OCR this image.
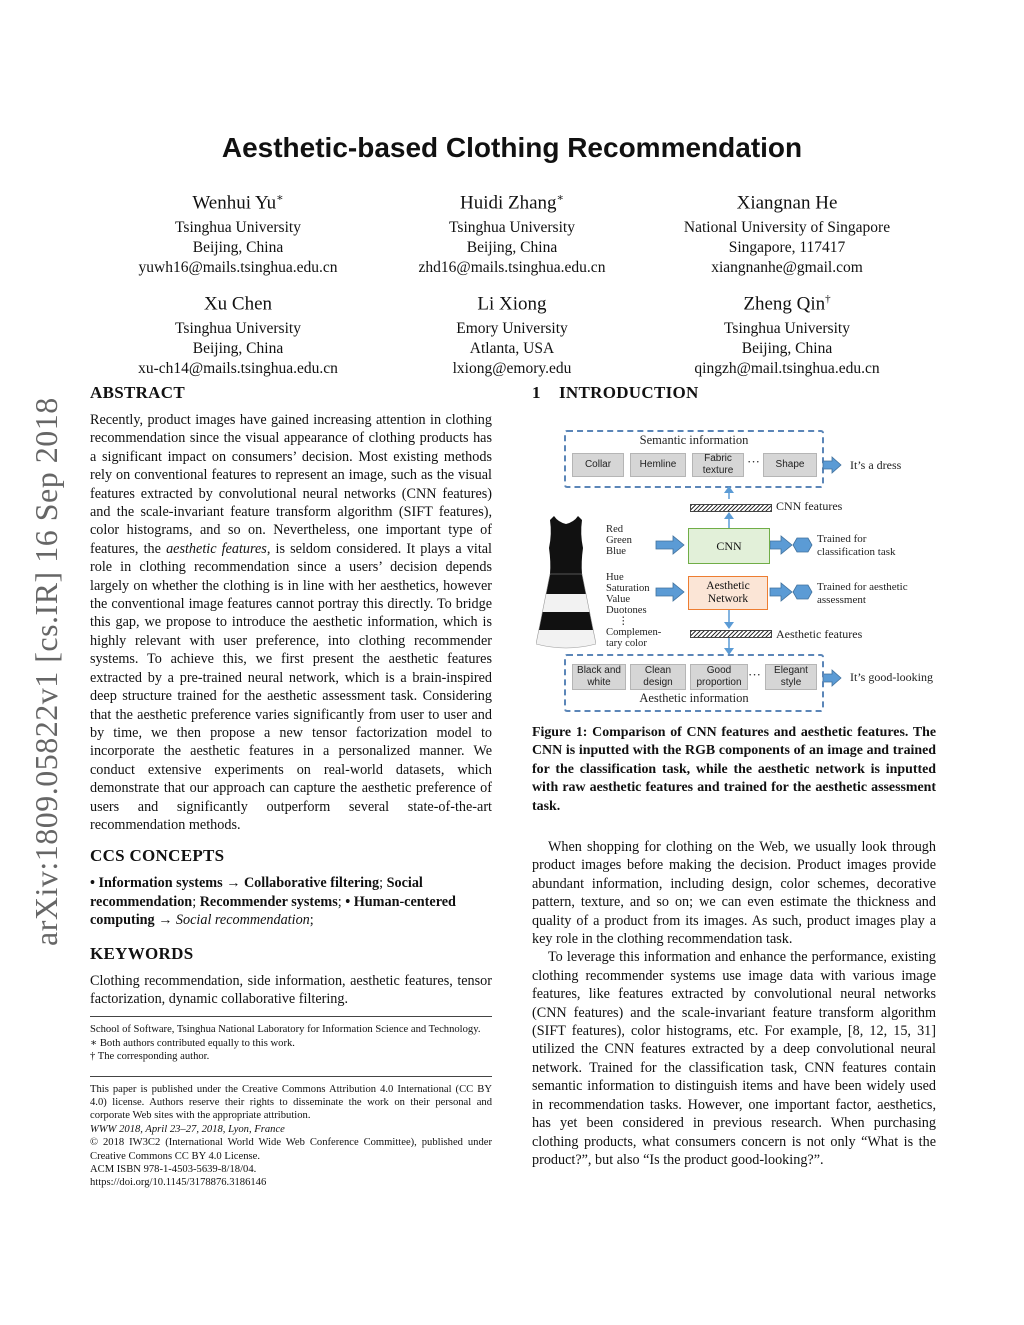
arXiv:1809.05822v1 [cs.IR] 16 Sep 2018
Aesthetic-based Clothing Recommendation
Wenhui Yu∗
Tsinghua University
Beijing, China
yuwh16@mails.tsinghua.edu.cn
Huidi Zhang∗
Tsinghua University
Beijing, China
zhd16@mails.tsinghua.edu.cn
Xiangnan He
National University of Singapore
Singapore, 117417
xiangnanhe@gmail.com
Xu Chen
Tsinghua University
Beijing, China
xu-ch14@mails.tsinghua.edu.cn
Li Xiong
Emory University
Atlanta, USA
lxiong@emory.edu
Zheng Qin†
Tsinghua University
Beijing, China
qingzh@mail.tsinghua.edu.cn
ABSTRACT
Recently, product images have gained increasing attention in clothing recommendation since the visual appearance of clothing products has a significant impact on consumers’ decision. Most existing methods rely on conventional features to represent an image, such as the visual features extracted by convolutional neural networks (CNN features) and the scale-invariant feature transform algorithm (SIFT features), color histograms, and so on. Nevertheless, one important type of features, the aesthetic features, is seldom considered. It plays a vital role in clothing recommendation since a users’ decision depends largely on whether the clothing is in line with her aesthetics, however the conventional image features cannot portray this directly. To bridge this gap, we propose to introduce the aesthetic information, which is highly relevant with user preference, into clothing recommender systems. To achieve this, we first present the aesthetic features extracted by a pre-trained neural network, which is a brain-inspired deep structure trained for the aesthetic assessment task. Considering that the aesthetic preference varies significantly from user to user and by time, we then propose a new tensor factorization model to incorporate the aesthetic features in a personalized manner. We conduct extensive experiments on real-world datasets, which demonstrate that our approach can capture the aesthetic preference of users and significantly outperform several state-of-the-art recommendation methods.
CCS CONCEPTS
• Information systems → Collaborative filtering; Social recommendation; Recommender systems; • Human-centered computing → Social recommendation;
KEYWORDS
Clothing recommendation, side information, aesthetic features, tensor factorization, dynamic collaborative filtering.
School of Software, Tsinghua National Laboratory for Information Science and Technology.
∗ Both authors contributed equally to this work.
† The corresponding author.
This paper is published under the Creative Commons Attribution 4.0 International (CC BY 4.0) license. Authors reserve their rights to disseminate the work on their personal and corporate Web sites with the appropriate attribution.
WWW 2018, April 23–27, 2018, Lyon, France
© 2018 IW3C2 (International World Wide Web Conference Committee), published under Creative Commons CC BY 4.0 License.
ACM ISBN 978-1-4503-5639-8/18/04.
https://doi.org/10.1145/3178876.3186146
1    INTRODUCTION
Semantic information
Collar	Hemline
Fabric texture
···	Shape	It’s a dress
CNN features
Red
Green
Blue
Hue
Saturation
Value
Duotones
⋮
Complemen-
tary color
CNN
Aesthetic Network
Trained for classification task
Trained for aesthetic assessment
Aesthetic features
Black and white
Clean design
Good proportion
···	Elegant style
Aesthetic information
It’s good-looking
Figure 1: Comparison of CNN features and aesthetic features. The CNN is inputted with the RGB components of an image and trained for the classification task, while the aesthetic network is inputted with raw aesthetic features and trained for the aesthetic assessment task.

When shopping for clothing on the Web, we usually look through product images before making the decision. Product images provide abundant information, including design, color schemes, decorative pattern, texture, and so on; we can even estimate the thickness and quality of a product from its images. As such, product images play a key role in the clothing recommendation task.

To leverage this information and enhance the performance, existing clothing recommender systems use image data with various image features, like features extracted by convolutional neural networks (CNN features) and the scale-invariant feature transform algorithm (SIFT features), color histograms, etc. For example, [8, 12, 15, 31] utilized the CNN features extracted by a deep convolutional neural network. Trained for the classification task, CNN features contain semantic information to distinguish items and have been widely used in recommendation tasks. However, one important factor, aesthetics, has yet been considered in previous research. When purchasing clothing products, what consumers concern is not only “What is the product?”, but also “Is the product good-looking?”.
